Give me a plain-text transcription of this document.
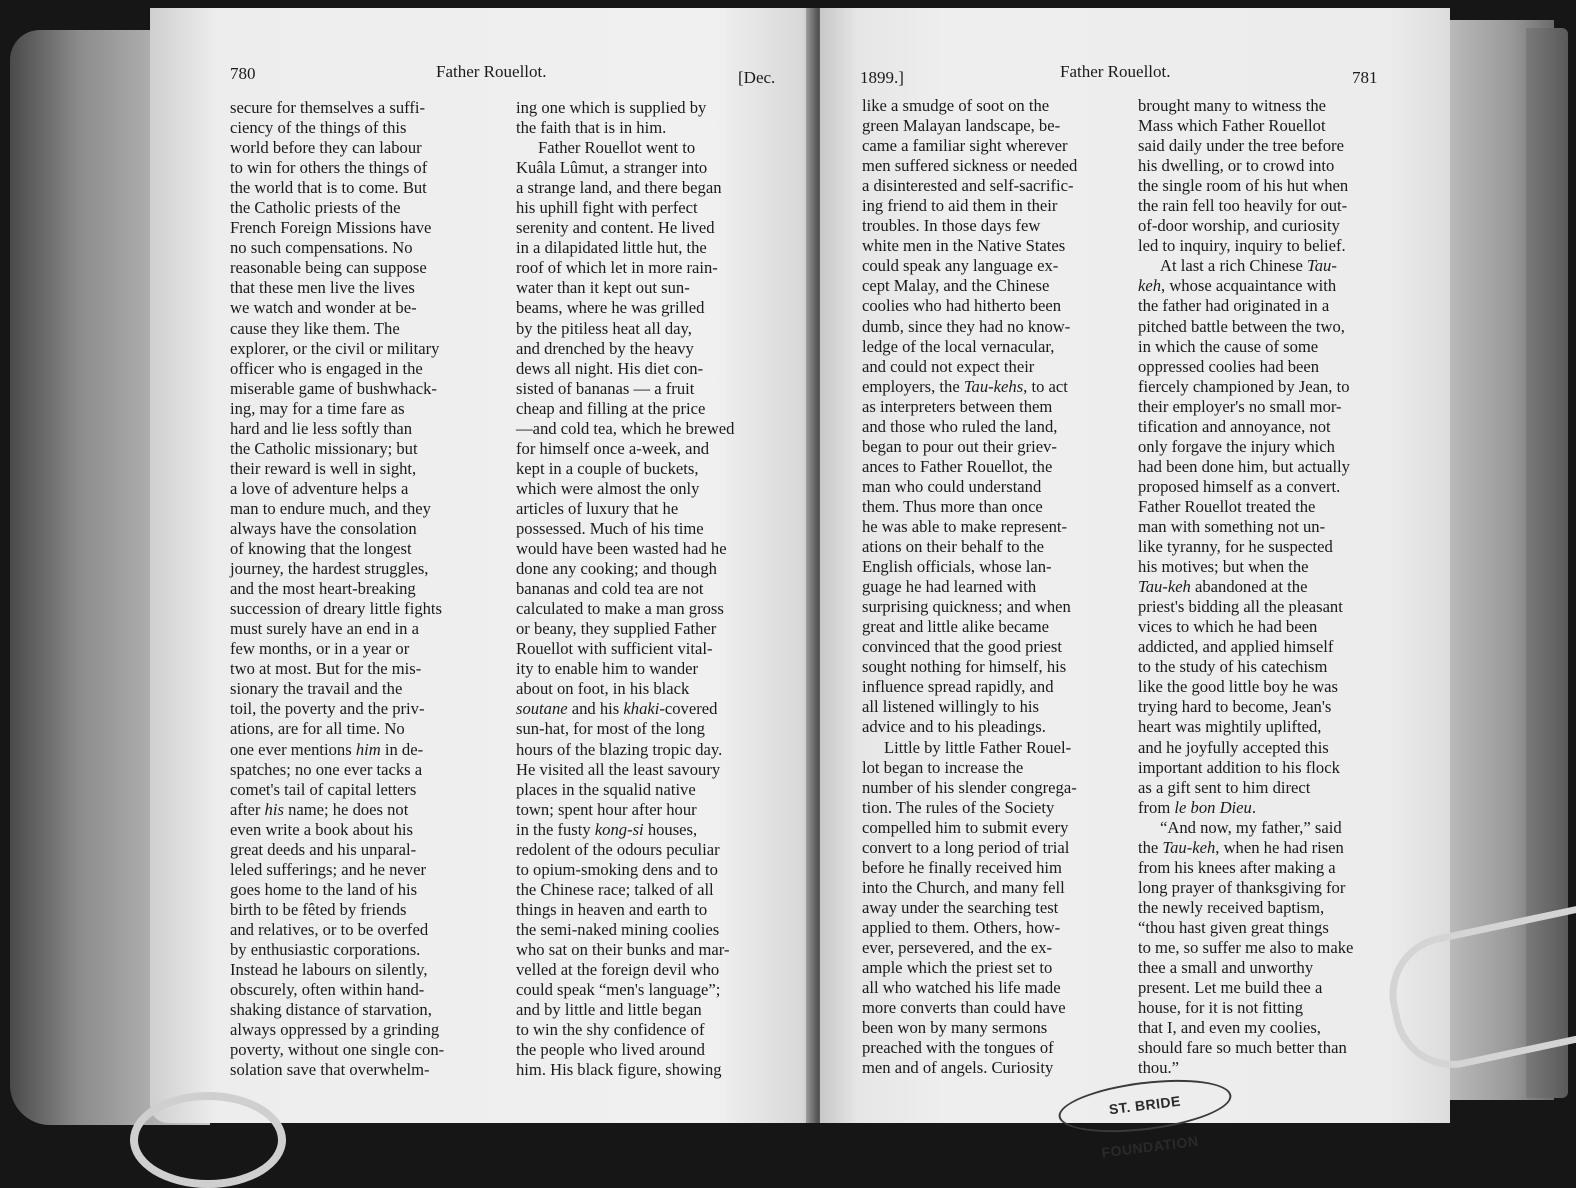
780	Father Rouellot.	[Dec.

secure for themselves a suffi-

ciency of the things of this

world before they can labour

to win for others the things of

the world that is to come. But

the Catholic priests of the

French Foreign Missions have

no such compensations. No

reasonable being can suppose

that these men live the lives

we watch and wonder at be-

cause they like them. The

explorer, or the civil or military

officer who is engaged in the

miserable game of bushwhack-

ing, may for a time fare as

hard and lie less softly than

the Catholic missionary; but

their reward is well in sight,

a love of adventure helps a

man to endure much, and they

always have the consolation

of knowing that the longest

journey, the hardest struggles,

and the most heart-breaking

succession of dreary little fights

must surely have an end in a

few months, or in a year or

two at most. But for the mis-

sionary the travail and the

toil, the poverty and the priv-

ations, are for all time. No

one ever mentions him in de-

spatches; no one ever tacks a

comet's tail of capital letters

after his name; he does not

even write a book about his

great deeds and his unparal-

leled sufferings; and he never

goes home to the land of his

birth to be fêted by friends

and relatives, or to be overfed

by enthusiastic corporations.

Instead he labours on silently,

obscurely, often within hand-

shaking distance of starvation,

always oppressed by a grinding

poverty, without one single con-

solation save that overwhelm-

ing one which is supplied by

the faith that is in him.

Father Rouellot went to

Kuâla Lûmut, a stranger into

a strange land, and there began

his uphill fight with perfect

serenity and content. He lived

in a dilapidated little hut, the

roof of which let in more rain-

water than it kept out sun-

beams, where he was grilled

by the pitiless heat all day,

and drenched by the heavy

dews all night. His diet con-

sisted of bananas — a fruit

cheap and filling at the price

—and cold tea, which he brewed

for himself once a-week, and

kept in a couple of buckets,

which were almost the only

articles of luxury that he

possessed. Much of his time

would have been wasted had he

done any cooking; and though

bananas and cold tea are not

calculated to make a man gross

or beany, they supplied Father

Rouellot with sufficient vital-

ity to enable him to wander

about on foot, in his black

soutane and his khaki-covered

sun-hat, for most of the long

hours of the blazing tropic day.

He visited all the least savoury

places in the squalid native

town; spent hour after hour

in the fusty kong-si houses,

redolent of the odours peculiar

to opium-smoking dens and to

the Chinese race; talked of all

things in heaven and earth to

the semi-naked mining coolies

who sat on their bunks and mar-

velled at the foreign devil who

could speak “men's language”;

and by little and little began

to win the shy confidence of

the people who lived around

him. His black figure, showing

1899.]	Father Rouellot.	781

like a smudge of soot on the

green Malayan landscape, be-

came a familiar sight wherever

men suffered sickness or needed

a disinterested and self-sacrific-

ing friend to aid them in their

troubles. In those days few

white men in the Native States

could speak any language ex-

cept Malay, and the Chinese

coolies who had hitherto been

dumb, since they had no know-

ledge of the local vernacular,

and could not expect their

employers, the Tau-kehs, to act

as interpreters between them

and those who ruled the land,

began to pour out their griev-

ances to Father Rouellot, the

man who could understand

them. Thus more than once

he was able to make represent-

ations on their behalf to the

English officials, whose lan-

guage he had learned with

surprising quickness; and when

great and little alike became

convinced that the good priest

sought nothing for himself, his

influence spread rapidly, and

all listened willingly to his

advice and to his pleadings.

Little by little Father Rouel-

lot began to increase the

number of his slender congrega-

tion. The rules of the Society

compelled him to submit every

convert to a long period of trial

before he finally received him

into the Church, and many fell

away under the searching test

applied to them. Others, how-

ever, persevered, and the ex-

ample which the priest set to

all who watched his life made

more converts than could have

been won by many sermons

preached with the tongues of

men and of angels. Curiosity

brought many to witness the

Mass which Father Rouellot

said daily under the tree before

his dwelling, or to crowd into

the single room of his hut when

the rain fell too heavily for out-

of-door worship, and curiosity

led to inquiry, inquiry to belief.

At last a rich Chinese Tau-

keh, whose acquaintance with

the father had originated in a

pitched battle between the two,

in which the cause of some

oppressed coolies had been

fiercely championed by Jean, to

their employer's no small mor-

tification and annoyance, not

only forgave the injury which

had been done him, but actually

proposed himself as a convert.

Father Rouellot treated the

man with something not un-

like tyranny, for he suspected

his motives; but when the

Tau-keh abandoned at the

priest's bidding all the pleasant

vices to which he had been

addicted, and applied himself

to the study of his catechism

like the good little boy he was

trying hard to become, Jean's

heart was mightily uplifted,

and he joyfully accepted this

important addition to his flock

as a gift sent to him direct

from le bon Dieu.

“And now, my father,” said

the Tau-keh, when he had risen

from his knees after making a

long prayer of thanksgiving for

the newly received baptism,

“thou hast given great things

to me, so suffer me also to make

thee a small and unworthy

present. Let me build thee a

house, for it is not fitting

that I, and even my coolies,

should fare so much better than

thou.”

ST. BRIDE FOUNDATION
